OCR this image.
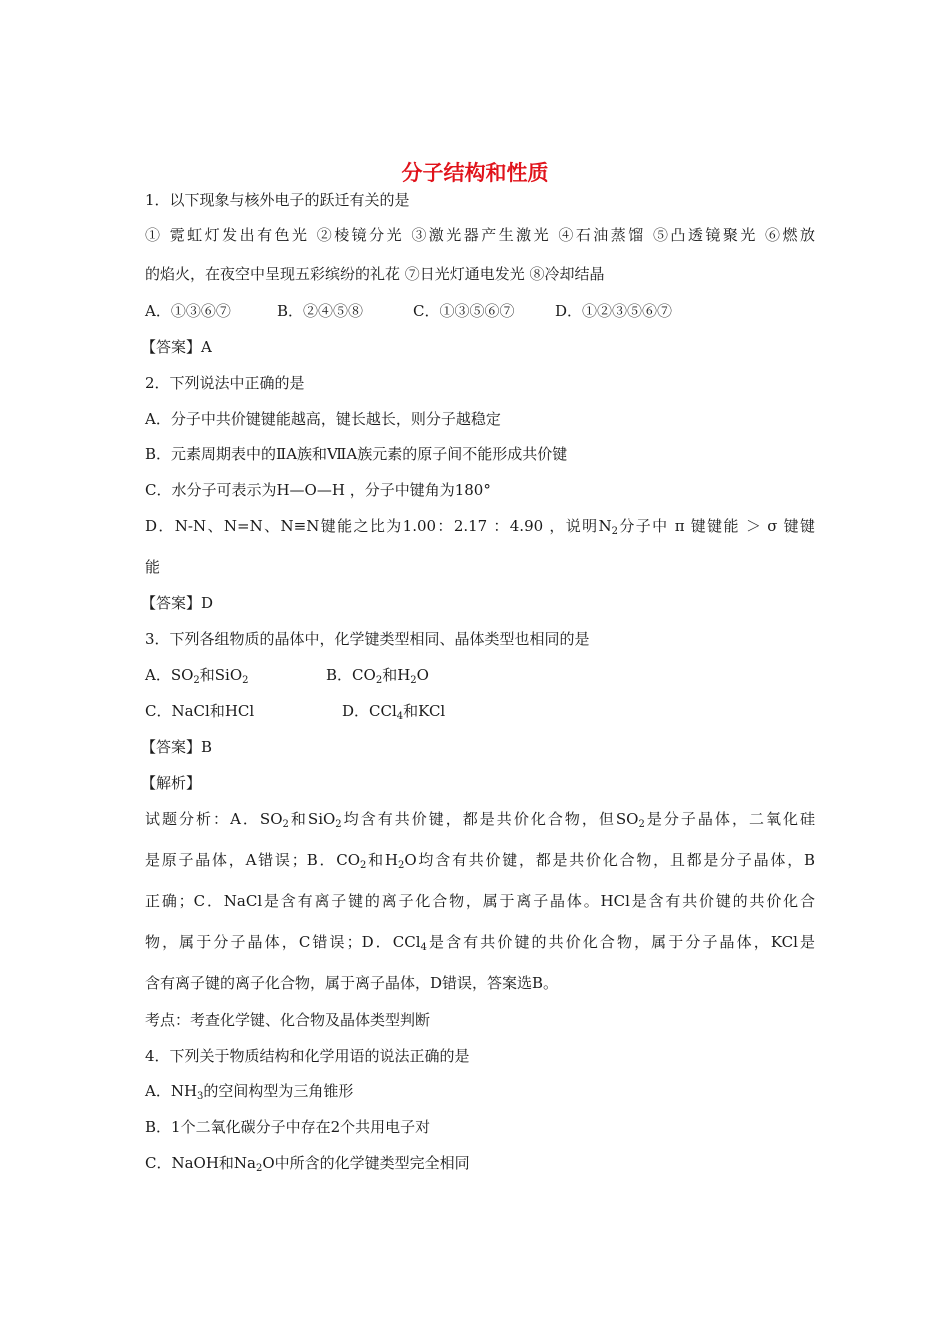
分子结构和性质
1．以下现象与核外电子的跃迁有关的是
① 霓虹灯发出有色光 ②棱镜分光 ③激光器产生激光 ④石油蒸馏 ⑤凸透镜聚光 ⑥燃放
的焰火，在夜空中呈现五彩缤纷的礼花 ⑦日光灯通电发光 ⑧冷却结晶
A．①③⑥⑦	B．②④⑤⑧	C．①③⑤⑥⑦	D．①②③⑤⑥⑦
【答案】A
2．下列说法中正确的是
A．分子中共价键键能越高，键长越长，则分子越稳定
B．元素周期表中的ⅡA族和ⅦA族元素的原子间不能形成共价键
C．水分子可表示为H—O—H ，分子中键角为180°
D．N-N、N=N、N≡N键能之比为1.00：2.17 ：4.90 ，说明$N_2$分子中 π 键键能 ＞ σ 键键
能
【答案】D
3．下列各组物质的晶体中，化学键类型相同、晶体类型也相同的是
A．$SO_2$和SiO$_2$	B．$CO_2$和$H_2O$
C．NaCl和HCl	D．CCl$_4$和KCl
【答案】B
【解析】
试题分析：A．$SO_2$和SiO$_2$均含有共价键，都是共价化合物，但$SO_2$是分子晶体，二氧化硅
是原子晶体，A错误；B．$CO_2$和$H_2O$均含有共价键，都是共价化合物，且都是分子晶体，B
正确；C．NaCl是含有离子键的离子化合物，属于离子晶体。HCl是含有共价键的共价化合
物，属于分子晶体，C错误；D．CCl$_4$是含有共价键的共价化合物，属于分子晶体，KCl是
含有离子键的离子化合物，属于离子晶体，D错误，答案选B。
考点：考查化学键、化合物及晶体类型判断
4．下列关于物质结构和化学用语的说法正确的是
A．$NH_3$的空间构型为三角锥形
B．1个二氧化碳分子中存在2个共用电子对
C．NaOH和$Na_2O$中所含的化学键类型完全相同
